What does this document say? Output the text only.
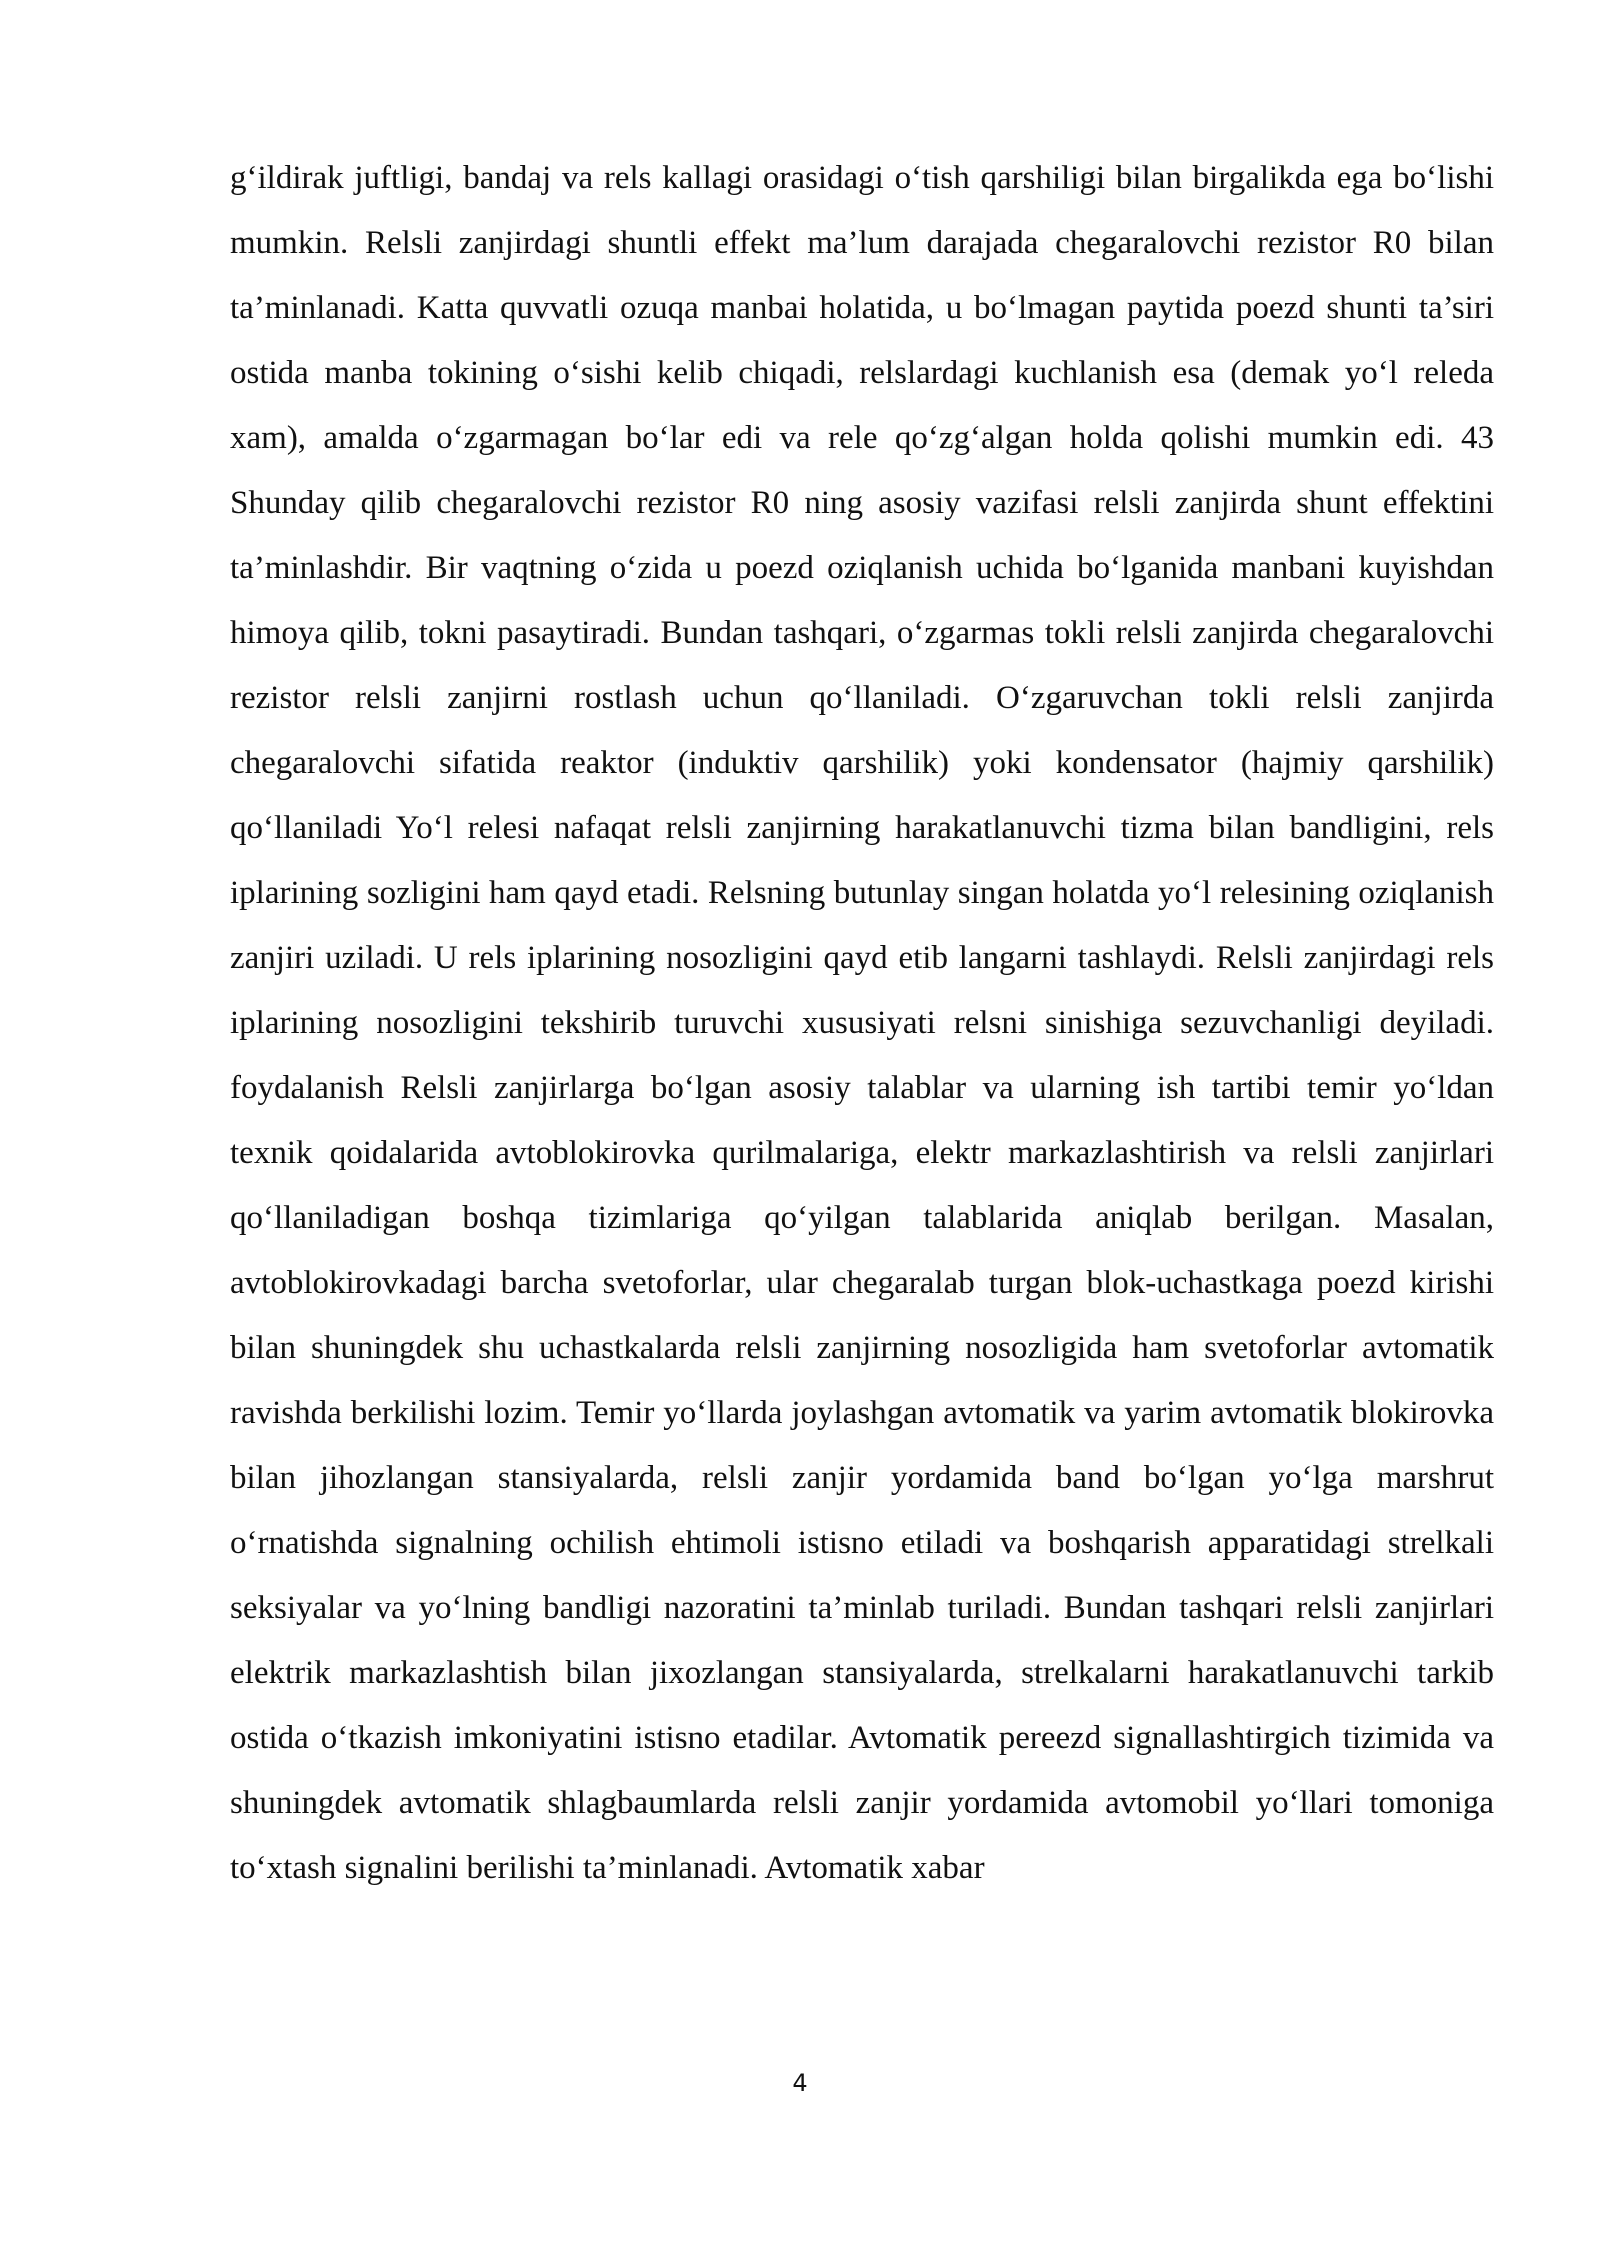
g‘ildirak juftligi, bandaj va rels kallagi orasidagi o‘tish qarshiligi bilan birgalikda ega bo‘lishi mumkin. Relsli zanjirdagi shuntli effekt ma’lum darajada chegaralovchi rezistor R0 bilan ta’minlanadi. Katta quvvatli ozuqa manbai holatida, u bo‘lmagan paytida poezd shunti ta’siri ostida manba tokining o‘sishi kelib chiqadi, relslardagi kuchlanish esa (demak yo‘l releda xam), amalda o‘zgarmagan bo‘lar edi va rele qo‘zg‘algan holda qolishi mumkin edi. 43 Shunday qilib chegaralovchi rezistor R0 ning asosiy vazifasi relsli zanjirda shunt effektini ta’minlashdir. Bir vaqtning o‘zida u poezd oziqlanish uchida bo‘lganida manbani kuyishdan himoya qilib, tokni pasaytiradi. Bundan tashqari, o‘zgarmas tokli relsli zanjirda chegaralovchi rezistor relsli zanjirni rostlash uchun qo‘llaniladi. O‘zgaruvchan tokli relsli zanjirda chegaralovchi sifatida reaktor (induktiv qarshilik) yoki kondensator (hajmiy qarshilik) qo‘llaniladi Yo‘l relesi nafaqat relsli zanjirning harakatlanuvchi tizma bilan bandligini, rels iplarining sozligini ham qayd etadi. Relsning butunlay singan holatda yo‘l relesining oziqlanish zanjiri uziladi. U rels iplarining nosozligini qayd etib langarni tashlaydi. Relsli zanjirdagi rels iplarining nosozligini tekshirib turuvchi xususiyati relsni sinishiga sezuvchanligi deyiladi. foydalanish Relsli zanjirlarga bo‘lgan asosiy talablar va ularning ish tartibi temir yo‘ldan texnik qoidalarida avtoblokirovka qurilmalariga, elektr markazlashtirish va relsli zanjirlari qo‘llaniladigan boshqa tizimlariga qo‘yilgan talablarida aniqlab berilgan. Masalan, avtoblokirovkadagi barcha svetoforlar, ular chegaralab turgan blok-uchastkaga poezd kirishi bilan shuningdek shu uchastkalarda relsli zanjirning nosozligida ham svetoforlar avtomatik ravishda berkilishi lozim. Temir yo‘llarda joylashgan avtomatik va yarim avtomatik blokirovka bilan jihozlangan stansiyalarda, relsli zanjir yordamida band bo‘lgan yo‘lga marshrut o‘rnatishda signalning ochilish ehtimoli istisno etiladi va boshqarish apparatidagi strelkali seksiyalar va yo‘lning bandligi nazoratini ta’minlab turiladi. Bundan tashqari relsli zanjirlari elektrik markazlashtish bilan jixozlangan stansiyalarda, strelkalarni harakatlanuvchi tarkib ostida o‘tkazish imkoniyatini istisno etadilar. Avtomatik pereezd signallashtirgich tizimida va shuningdek avtomatik shlagbaumlarda relsli zanjir yordamida avtomobil yo‘llari tomoniga to‘xtash signalini berilishi ta’minlanadi. Avtomatik xabar

4
